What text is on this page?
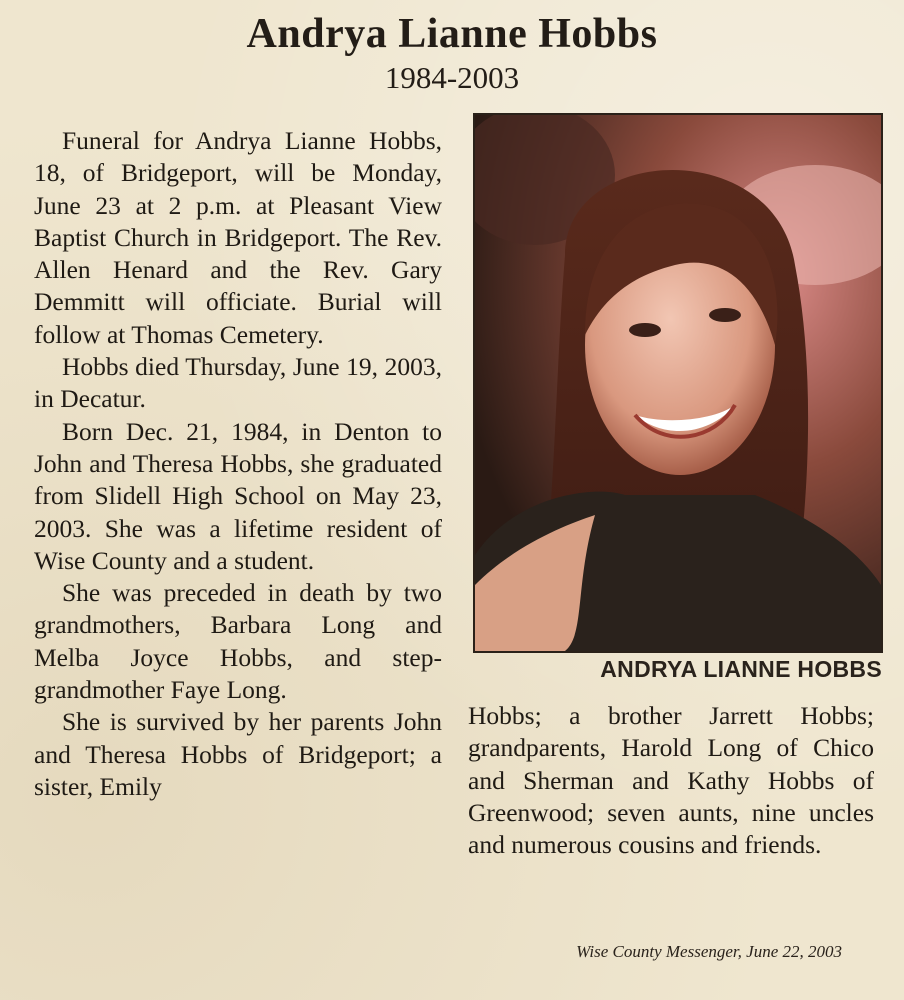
Andrya Lianne Hobbs
1984-2003

Funeral for Andrya Lianne Hobbs, 18, of Bridgeport, will be Monday, June 23 at 2 p.m. at Pleasant View Baptist Church in Bridgeport. The Rev. Allen Henard and the Rev. Gary Demmitt will officiate. Burial will follow at Thomas Cemetery.

Hobbs died Thursday, June 19, 2003, in Decatur.

Born Dec. 21, 1984, in Denton to John and Theresa Hobbs, she graduated from Slidell High School on May 23, 2003. She was a lifetime resident of Wise County and a student.

She was preceded in death by two grandmothers, Barbara Long and Melba Joyce Hobbs, and step-grandmother Faye Long.

She is survived by her parents John and Theresa Hobbs of Bridgeport; a sister, Emily

ANDRYA LIANNE HOBBS

Hobbs; a brother Jarrett Hobbs; grandparents, Harold Long of Chico and Sherman and Kathy Hobbs of Greenwood; seven aunts, nine uncles and numerous cousins and friends.

Wise County Messenger, June 22, 2003
